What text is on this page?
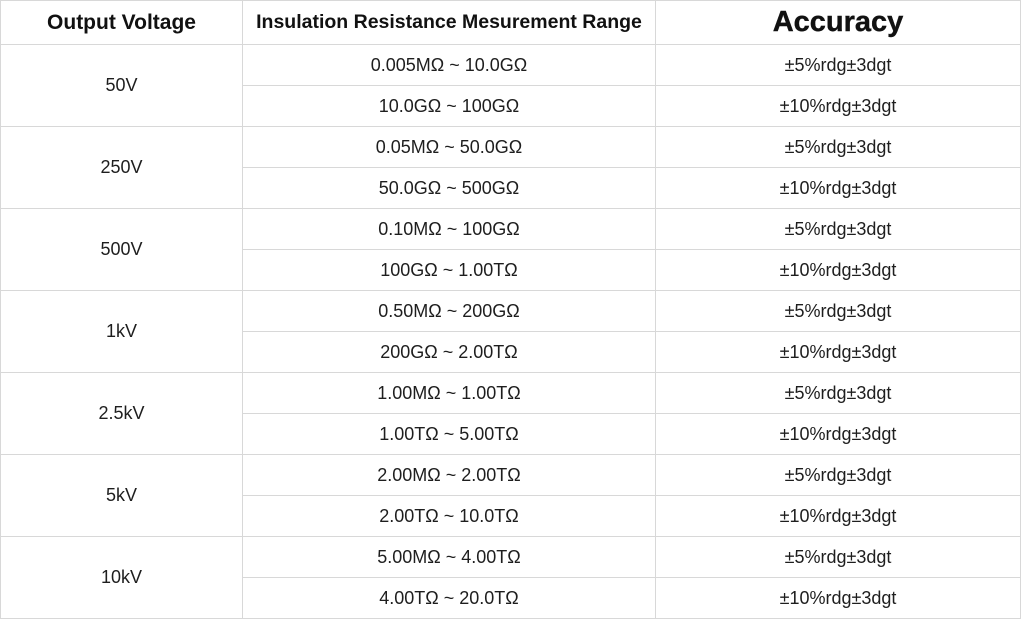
Output Voltage	Insulation Resistance Mesurement Range	Accuracy
50V	0.005MΩ ~ 10.0GΩ	±5%rdg±3dgt
	10.0GΩ ~ 100GΩ	±10%rdg±3dgt
250V	0.05MΩ ~ 50.0GΩ	±5%rdg±3dgt
	50.0GΩ ~ 500GΩ	±10%rdg±3dgt
500V	0.10MΩ ~ 100GΩ	±5%rdg±3dgt
	100GΩ ~ 1.00TΩ	±10%rdg±3dgt
1kV	0.50MΩ ~ 200GΩ	±5%rdg±3dgt
	200GΩ ~ 2.00TΩ	±10%rdg±3dgt
2.5kV	1.00MΩ ~ 1.00TΩ	±5%rdg±3dgt
	1.00TΩ ~ 5.00TΩ	±10%rdg±3dgt
5kV	2.00MΩ ~ 2.00TΩ	±5%rdg±3dgt
	2.00TΩ ~ 10.0TΩ	±10%rdg±3dgt
10kV	5.00MΩ ~ 4.00TΩ	±5%rdg±3dgt
	4.00TΩ ~ 20.0TΩ	±10%rdg±3dgt
